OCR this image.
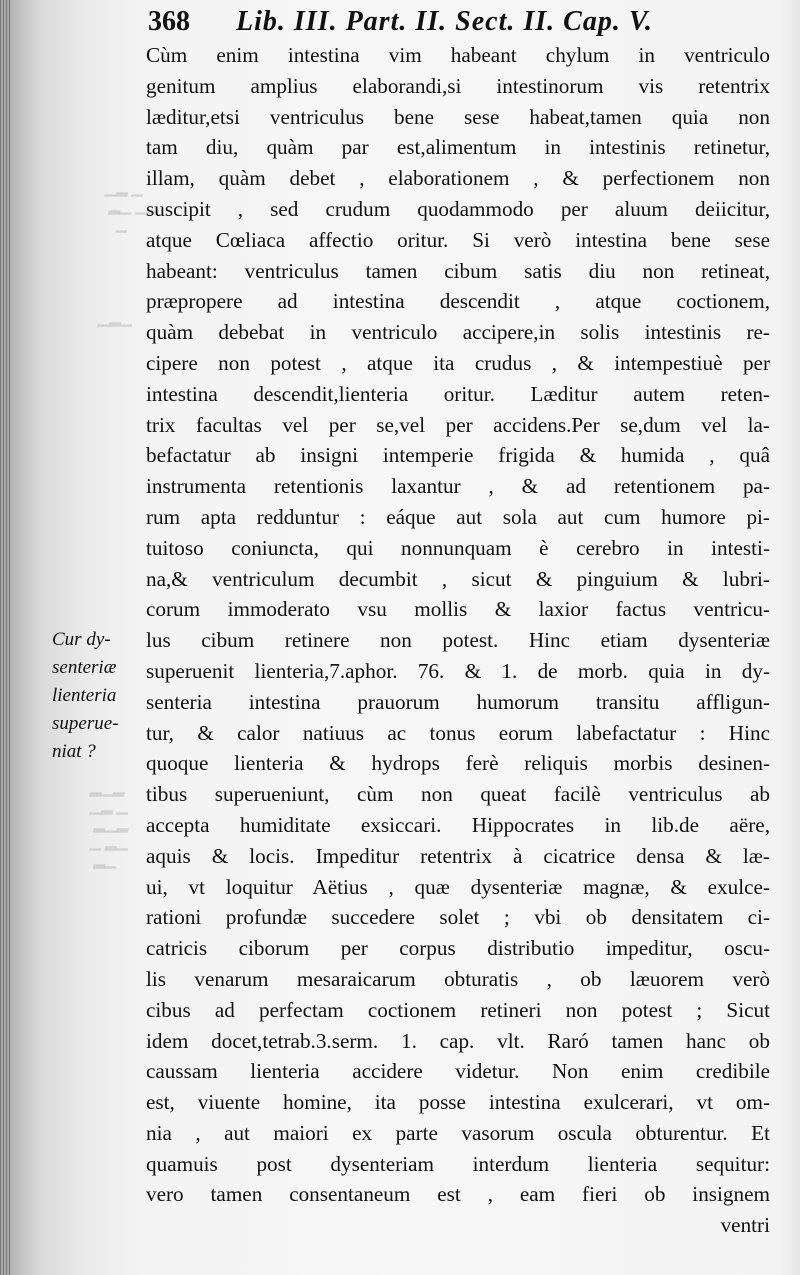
▁▂ ▁
▂▁ ▁▂
▁
▁▂▁
▂▁▂
▁▂ ▁
▂▁▂
▁ ▂▁
▂▁
368 Lib. III. Part. II. Sect. II. Cap. V.
Cur dy-
senteriæ
lienteria
superue-
niat ?
Cùm enim intestina vim habeant chylum in ventriculo
genitum amplius elaborandi,si intestinorum vis retentrix
læditur,etsi ventriculus bene sese habeat,tamen quia non
tam diu, quàm par est,alimentum in intestinis retinetur,
illam, quàm debet , elaborationem , & perfectionem non
suscipit , sed crudum quodammodo per aluum deiicitur,
atque Cœliaca affectio oritur. Si verò intestina bene sese
habeant: ventriculus tamen cibum satis diu non retineat,
præpropere ad intestina descendit , atque coctionem,
quàm debebat in ventriculo accipere,in solis intestinis re-
cipere non potest , atque ita crudus , & intempestiuè per
intestina descendit,lienteria oritur. Læditur autem reten-
trix facultas vel per se,vel per accidens.Per se,dum vel la-
befactatur ab insigni intemperie frigida & humida , quâ
instrumenta retentionis laxantur , & ad retentionem pa-
rum apta redduntur : eáque aut sola aut cum humore pi-
tuitoso coniuncta, qui nonnunquam è cerebro in intesti-
na,& ventriculum decumbit , sicut & pinguium & lubri-
corum immoderato vsu mollis & laxior factus ventricu-
lus cibum retinere non potest. Hinc etiam dysenteriæ
superuenit lienteria,7.aphor. 76. & 1. de morb. quia in dy-
senteria intestina prauorum humorum transitu affligun-
tur, & calor natiuus ac tonus eorum labefactatur : Hinc
quoque lienteria & hydrops ferè reliquis morbis desinen-
tibus superueniunt, cùm non queat facilè ventriculus ab
accepta humiditate exsiccari. Hippocrates in lib.de aëre,
aquis & locis. Impeditur retentrix à cicatrice densa & læ-
ui, vt loquitur Aëtius , quæ dysenteriæ magnæ, & exulce-
rationi profundæ succedere solet ; vbi ob densitatem ci-
catricis ciborum per corpus distributio impeditur, oscu-
lis venarum mesaraicarum obturatis , ob læuorem verò
cibus ad perfectam coctionem retineri non potest ; Sicut
idem docet,tetrab.3.serm. 1. cap. vlt. Raró tamen hanc ob
caussam lienteria accidere videtur. Non enim credibile
est, viuente homine, ita posse intestina exulcerari, vt om-
nia , aut maiori ex parte vasorum oscula obturentur. Et
quamuis post dysenteriam interdum lienteria sequitur:
vero tamen consentaneum est , eam fieri ob insignem
ventri
